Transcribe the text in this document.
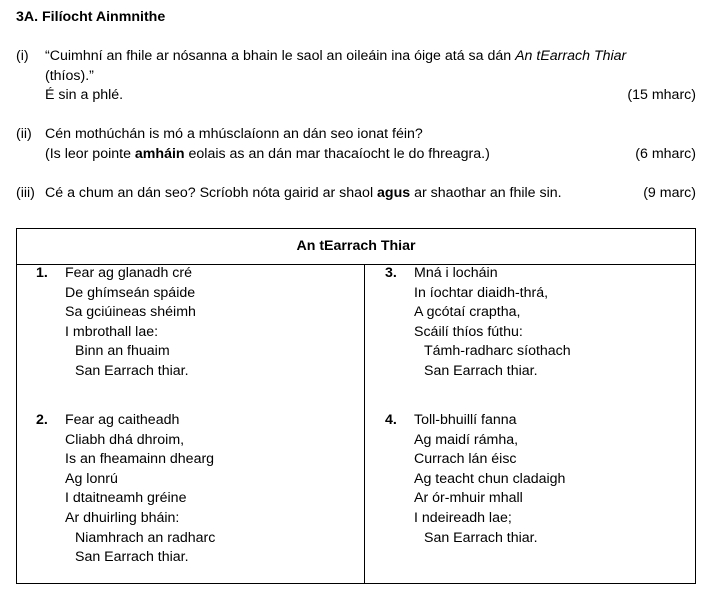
3A. Filíocht Ainmnithe
(i) “Cuimhní an fhile ar nósanna a bhain le saol an oileáin ina óige atá sa dán An tEarrach Thiar
(thíos).”
É sin a phlé.	(15 mharc)
(ii) Cén mothúchán is mó a mhúsclaíonn an dán seo ionat féin?
(Is leor pointe amháin eolais as an dán mar thacaíocht le do fhreagra.)	(6 mharc)
(iii) Cé a chum an dán seo? Scríobh nóta gairid ar shaol agus ar shaothar an fhile sin.	(9 marc)
An tEarrach Thiar
1. Fear ag glanadh cré
De ghímseán spáide
Sa gciúineas shéimh
I mbrothall lae:
Binn an fhuaim
San Earrach thiar.
2. Fear ag caitheadh
Cliabh dhá dhroim,
Is an fheamainn dhearg
Ag lonrú
I dtaitneamh gréine
Ar dhuirling bháin:
Niamhrach an radharc
San Earrach thiar.
3. Mná i locháin
In íochtar diaidh-thrá,
A gcótaí craptha,
Scáilí thíos fúthu:
Támh-radharc síothach
San Earrach thiar.
4. Toll-bhuillí fanna
Ag maidí rámha,
Currach lán éisc
Ag teacht chun cladaigh
Ar ór-mhuir mhall
I ndeireadh lae;
San Earrach thiar.
